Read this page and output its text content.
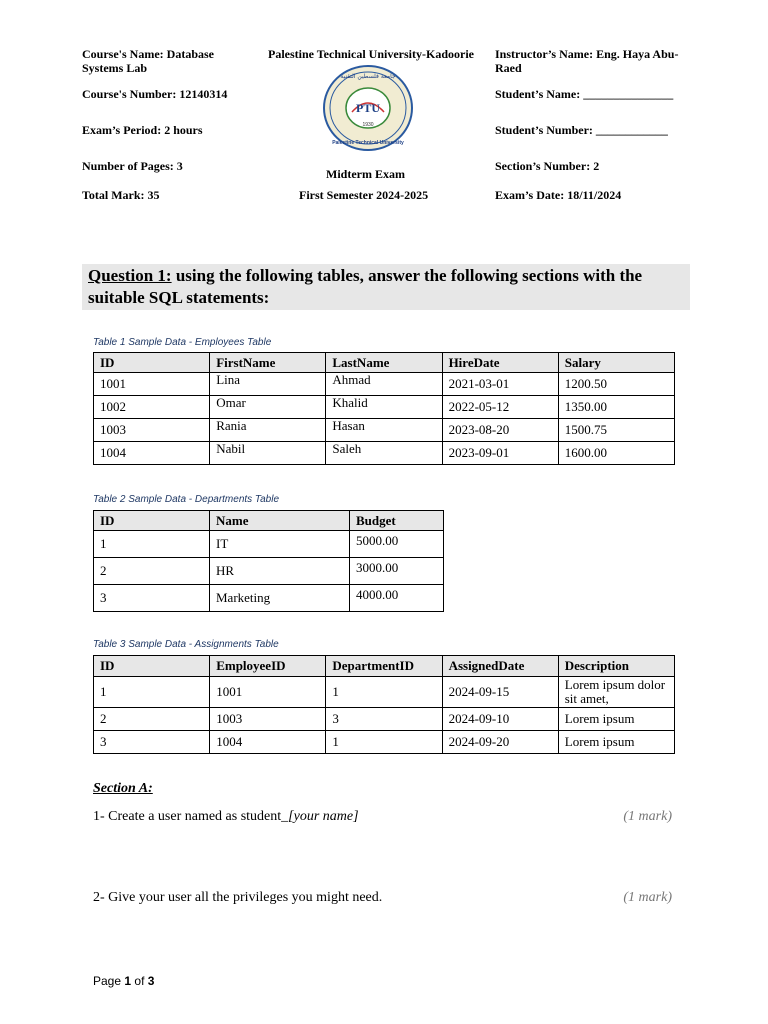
Course's Name: Database Systems Lab
Palestine Technical University-Kadoorie	Instructor’s Name: Eng. Haya Abu-Raed
Course's Number: 12140314	Student’s Name: _______________
Exam’s Period: 2 hours	Student’s Number: ____________
Number of Pages: 3
Midterm Exam
Section’s Number: 2
Total Mark: 35	First Semester 2024-2025	Exam’s Date: 18/11/2024
PTU
جامعة فلسطين التقنية
Palestine Technical University
1930
Question 1: using the following tables, answer the following sections with the suitable SQL statements:
Table 1 Sample Data - Employees Table
ID	FirstName	LastName	HireDate	Salary
1001	Lina	Ahmad	2021-03-01	1200.50
1002	Omar	Khalid	2022-05-12	1350.00
1003	Rania	Hasan	2023-08-20	1500.75
1004	Nabil	Saleh	2023-09-01	1600.00
Table 2 Sample Data - Departments Table
ID	Name	Budget
1	IT	5000.00
2	HR	3000.00
3	Marketing	4000.00
Table 3 Sample Data - Assignments Table
ID	EmployeeID	DepartmentID	AssignedDate	Description
1	1001	1	2024-09-15	Lorem ipsum dolor sit amet,
2	1003	3	2024-09-10	Lorem ipsum
3	1004	1	2024-09-20	Lorem ipsum
Section A:
1- Create a user named as student_[your name]	(1 mark)
2- Give your user all the privileges you might need.	(1 mark)
Page 1 of 3
